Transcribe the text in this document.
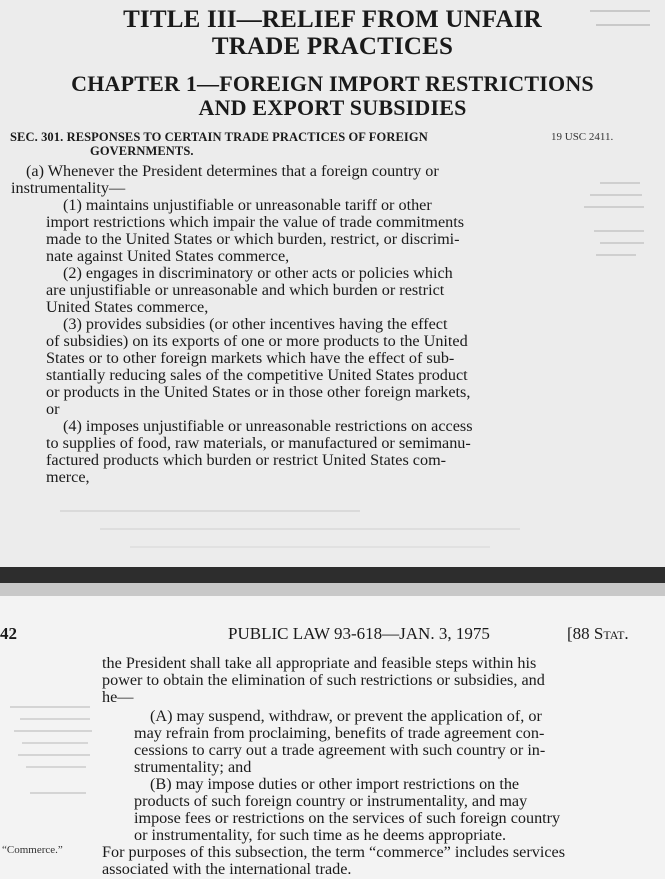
TITLE III—RELIEF FROM UNFAIR
TRADE PRACTICES
CHAPTER 1—FOREIGN IMPORT RESTRICTIONS
AND EXPORT SUBSIDIES
SEC. 301. RESPONSES TO CERTAIN TRADE PRACTICES OF FOREIGN
GOVERNMENTS.
19 USC 2411.
(a) Whenever the President determines that a foreign country or
instrumentality—
(1) maintains unjustifiable or unreasonable tariff or other
import restrictions which impair the value of trade commitments
made to the United States or which burden, restrict, or discrimi-
nate against United States commerce,
(2) engages in discriminatory or other acts or policies which
are unjustifiable or unreasonable and which burden or restrict
United States commerce,
(3) provides subsidies (or other incentives having the effect
of subsidies) on its exports of one or more products to the United
States or to other foreign markets which have the effect of sub-
stantially reducing sales of the competitive United States product
or products in the United States or in those other foreign markets,
or
(4) imposes unjustifiable or unreasonable restrictions on access
to supplies of food, raw materials, or manufactured or semimanu-
factured products which burden or restrict United States com-
merce,
42	PUBLIC LAW 93-618—JAN. 3, 1975	[88 Stat.
the President shall take all appropriate and feasible steps within his
power to obtain the elimination of such restrictions or subsidies, and
he—
(A) may suspend, withdraw, or prevent the application of, or
may refrain from proclaiming, benefits of trade agreement con-
cessions to carry out a trade agreement with such country or in-
strumentality; and
(B) may impose duties or other import restrictions on the
products of such foreign country or instrumentality, and may
impose fees or restrictions on the services of such foreign country
or instrumentality, for such time as he deems appropriate.
For purposes of this subsection, the term “commerce” includes services
associated with the international trade.
“Commerce.”
